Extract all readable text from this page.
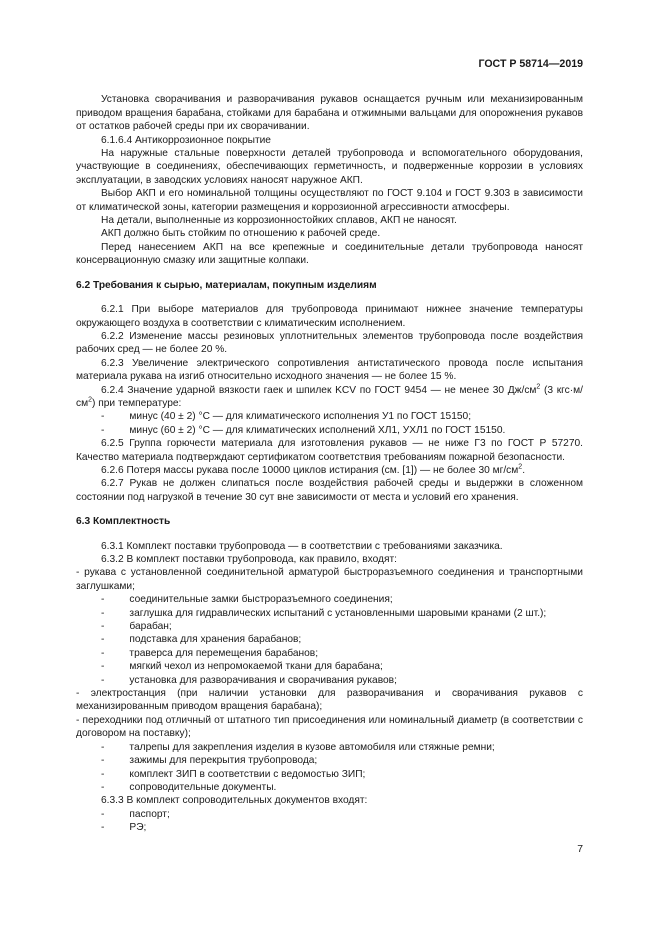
ГОСТ Р 58714—2019

Установка сворачивания и разворачивания рукавов оснащается ручным или механизированным приводом вращения барабана, стойками для барабана и отжимными вальцами для опорожнения рукавов от остатков рабочей среды при их сворачивании.

6.1.6.4 Антикоррозионное покрытие

На наружные стальные поверхности деталей трубопровода и вспомогательного оборудования, участвующие в соединениях, обеспечивающих герметичность, и подверженные коррозии в условиях эксплуатации, в заводских условиях наносят наружное АКП.

Выбор АКП и его номинальной толщины осуществляют по ГОСТ 9.104 и ГОСТ 9.303 в зависимости от климатической зоны, категории размещения и коррозионной агрессивности атмосферы.

На детали, выполненные из коррозионностойких сплавов, АКП не наносят.

АКП должно быть стойким по отношению к рабочей среде.

Перед нанесением АКП на все крепежные и соединительные детали трубопровода наносят консервационную смазку или защитные колпаки.

6.2 Требования к сырью, материалам, покупным изделиям

6.2.1 При выборе материалов для трубопровода принимают нижнее значение температуры окружающего воздуха в соответствии с климатическим исполнением.

6.2.2 Изменение массы резиновых уплотнительных элементов трубопровода после воздействия рабочих сред — не более 20 %.

6.2.3 Увеличение электрического сопротивления антистатического провода после испытания материала рукава на изгиб относительно исходного значения — не более 15 %.

6.2.4 Значение ударной вязкости гаек и шпилек KCV по ГОСТ 9454 — не менее 30 $Дж/см^2$ (3 $кгс\cdot м/см^2$) при температуре:

-	минус (40 ± 2) °C — для климатического исполнения У1 по ГОСТ 15150;

-	минус (60 ± 2) °C — для климатических исполнений ХЛ1, УХЛ1 по ГОСТ 15150.

6.2.5 Группа горючести материала для изготовления рукавов — не ниже Г3 по ГОСТ Р 57270. Качество материала подтверждают сертификатом соответствия требованиям пожарной безопасности.

6.2.6 Потеря массы рукава после 10000 циклов истирания (см. [1]) — не более 30 $мг/см^2$.

6.2.7 Рукав не должен слипаться после воздействия рабочей среды и выдержки в сложенном состоянии под нагрузкой в течение 30 сут вне зависимости от места и условий его хранения.

6.3 Комплектность

6.3.1 Комплект поставки трубопровода — в соответствии с требованиями заказчика.

6.3.2 В комплект поставки трубопровода, как правило, входят:

- рукава с установленной соединительной арматурой быстроразъемного соединения и транспортными заглушками;

-	соединительные замки быстроразъемного соединения;

-	заглушка для гидравлических испытаний с установленными шаровыми кранами (2 шт.);

-	барабан;

-	подставка для хранения барабанов;

-	траверса для перемещения барабанов;

-	мягкий чехол из непромокаемой ткани для барабана;

-	установка для разворачивания и сворачивания рукавов;

- электростанция (при наличии установки для разворачивания и сворачивания рукавов с механизированным приводом вращения барабана);

- переходники под отличный от штатного тип присоединения или номинальный диаметр (в соответствии с договором на поставку);

-	талрепы для закрепления изделия в кузове автомобиля или стяжные ремни;

-	зажимы для перекрытия трубопровода;

-	комплект ЗИП в соответствии с ведомостью ЗИП;

-	сопроводительные документы.

6.3.3 В комплект сопроводительных документов входят:

-	паспорт;

-	РЭ;

7
